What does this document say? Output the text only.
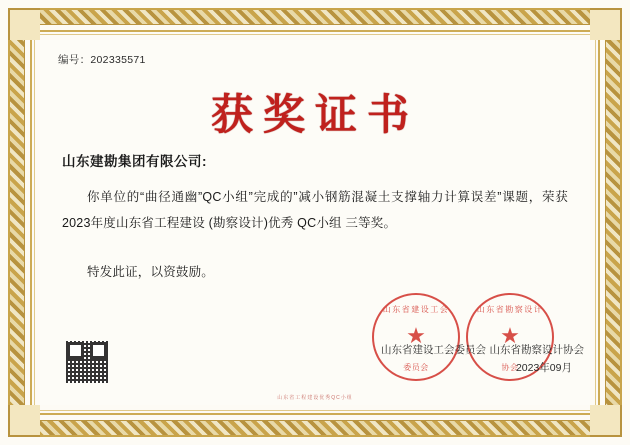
编号：202335571
获奖证书
山东建勘集团有限公司:
你单位的“曲径通幽”QC小组”完成的”减小钢筋混凝土支撑轴力计算误差”课题，荣获2023年度山东省工程建设 (勘察设计)优秀 QC小组 三等奖。
特发此证，以资鼓励。
山东省建设工会
★
委员会
山东省勘察设计
★
协会
山东省建设工会委员会 山东省勘察设计协会
2023年09月
山东省工程建设优秀QC小组
